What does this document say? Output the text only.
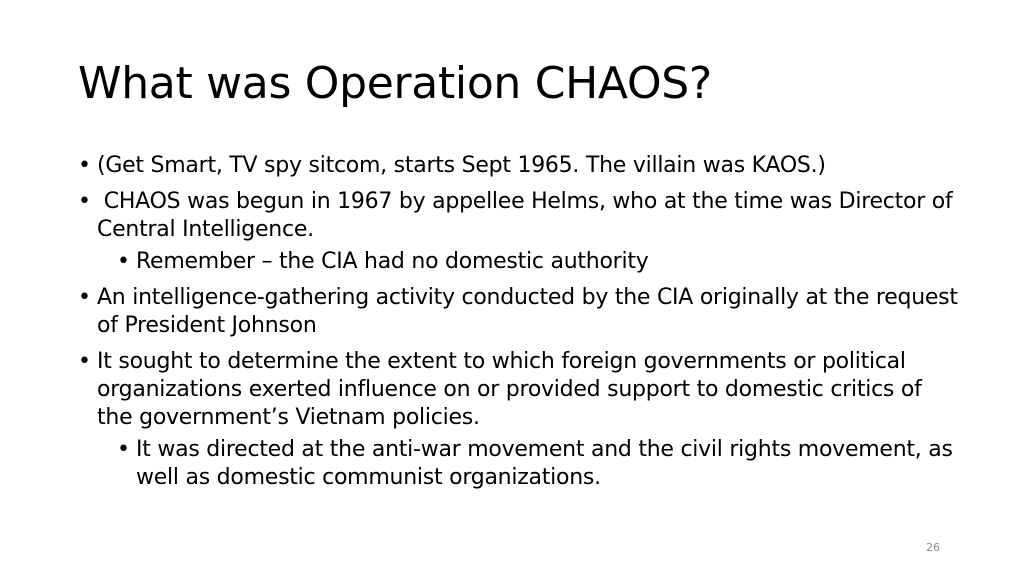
What was Operation CHAOS?
• (Get Smart, TV spy sitcom, starts Sept 1965. The villain was KAOS.)
• CHAOS was begun in 1967 by appellee Helms, who at the time was Director of Central Intelligence.
• Remember – the CIA had no domestic authority
• An intelligence-gathering activity conducted by the CIA originally at the request of President Johnson
• It sought to determine the extent to which foreign governments or political organizations exerted influence on or provided support to domestic critics of the government’s Vietnam policies.
• It was directed at the anti-war movement and the civil rights movement, as well as domestic communist organizations.
26
